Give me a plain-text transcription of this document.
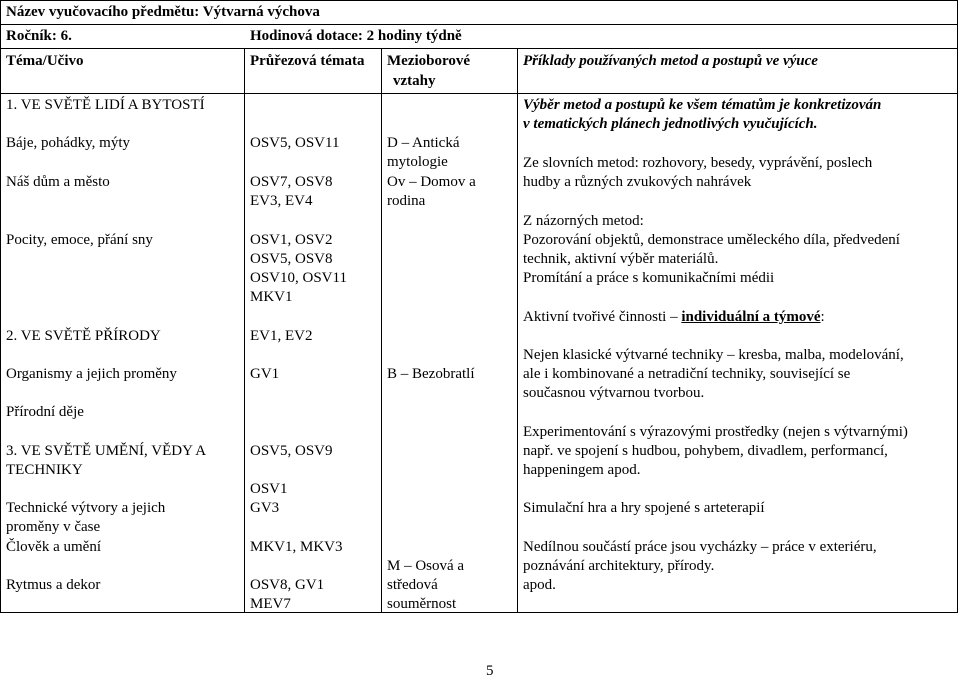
Název vyučovacího předmětu: Výtvarná výchova
Ročník: 6.	Hodinová dotace: 2 hodiny týdně
Téma/Učivo	Průřezová témata Mezioborové
vztahy
Příklady používaných metod a postupů ve výuce
1. VE SVĚTĚ LIDÍ A BYTOSTÍ
Báje, pohádky, mýty
Náš dům a město
Pocity, emoce, přání sny
2. VE SVĚTĚ PŘÍRODY
Organismy a jejich proměny
Přírodní děje
3. VE SVĚTĚ UMĚNÍ, VĚDY A
TECHNIKY
Technické výtvory a jejich
proměny v čase
Člověk a umění
Rytmus a dekor
OSV5, OSV11
OSV7, OSV8
EV3, EV4
OSV1, OSV2
OSV5, OSV8
OSV10, OSV11
MKV1
EV1, EV2
GV1
OSV5, OSV9
OSV1
GV3
MKV1, MKV3
OSV8, GV1
MEV7
D – Antická
mytologie
Ov – Domov a
rodina
B – Bezobratlí
M – Osová a
středová
souměrnost
Výběr metod a postupů ke všem tématům je konkretizován
v tematických plánech jednotlivých vyučujících.
Ze slovních metod: rozhovory, besedy, vyprávění, poslech
hudby a různých zvukových nahrávek
Z názorných metod:
Pozorování objektů, demonstrace uměleckého díla, předvedení
technik, aktivní výběr materiálů.
Promítání a práce s komunikačními médii
Aktivní tvořivé činnosti – individuální a týmové:
Nejen klasické výtvarné techniky – kresba, malba, modelování,
ale i kombinované a netradiční techniky, související se
současnou výtvarnou tvorbou.
Experimentování s výrazovými prostředky (nejen s výtvarnými)
např. ve spojení s hudbou, pohybem, divadlem, performancí,
happeningem apod.
Simulační hra a hry spojené s arteterapií
Nedílnou součástí práce jsou vycházky – práce v exteriéru,
poznávání architektury, přírody.
apod.
5
